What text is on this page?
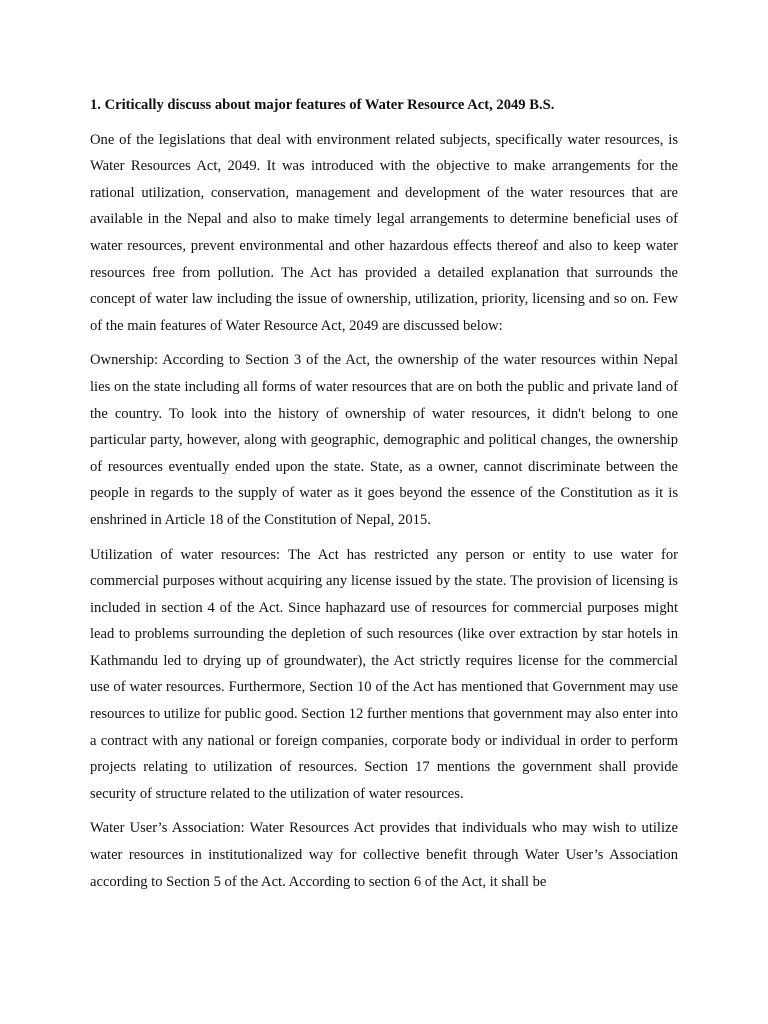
1. Critically discuss about major features of Water Resource Act, 2049 B.S.

One of the legislations that deal with environment related subjects, specifically water resources, is Water Resources Act, 2049. It was introduced with the objective to make arrangements for the rational utilization, conservation, management and development of the water resources that are available in the Nepal and also to make timely legal arrangements to determine beneficial uses of water resources, prevent environmental and other hazardous effects thereof and also to keep water resources free from pollution. The Act has provided a detailed explanation that surrounds the concept of water law including the issue of ownership, utilization, priority, licensing and so on. Few of the main features of Water Resource Act, 2049 are discussed below:

Ownership: According to Section 3 of the Act, the ownership of the water resources within Nepal lies on the state including all forms of water resources that are on both the public and private land of the country. To look into the history of ownership of water resources, it didn't belong to one particular party, however, along with geographic, demographic and political changes, the ownership of resources eventually ended upon the state. State, as a owner, cannot discriminate between the people in regards to the supply of water as it goes beyond the essence of the Constitution as it is enshrined in Article 18 of the Constitution of Nepal, 2015.

Utilization of water resources: The Act has restricted any person or entity to use water for commercial purposes without acquiring any license issued by the state. The provision of licensing is included in section 4 of the Act. Since haphazard use of resources for commercial purposes might lead to problems surrounding the depletion of such resources (like over extraction by star hotels in Kathmandu led to drying up of groundwater), the Act strictly requires license for the commercial use of water resources. Furthermore, Section 10 of the Act has mentioned that Government may use resources to utilize for public good. Section 12 further mentions that government may also enter into a contract with any national or foreign companies, corporate body or individual in order to perform projects relating to utilization of resources. Section 17 mentions the government shall provide security of structure related to the utilization of water resources.

Water User’s Association: Water Resources Act provides that individuals who may wish to utilize water resources in institutionalized way for collective benefit through Water User’s Association according to Section 5 of the Act. According to section 6 of the Act, it shall be
